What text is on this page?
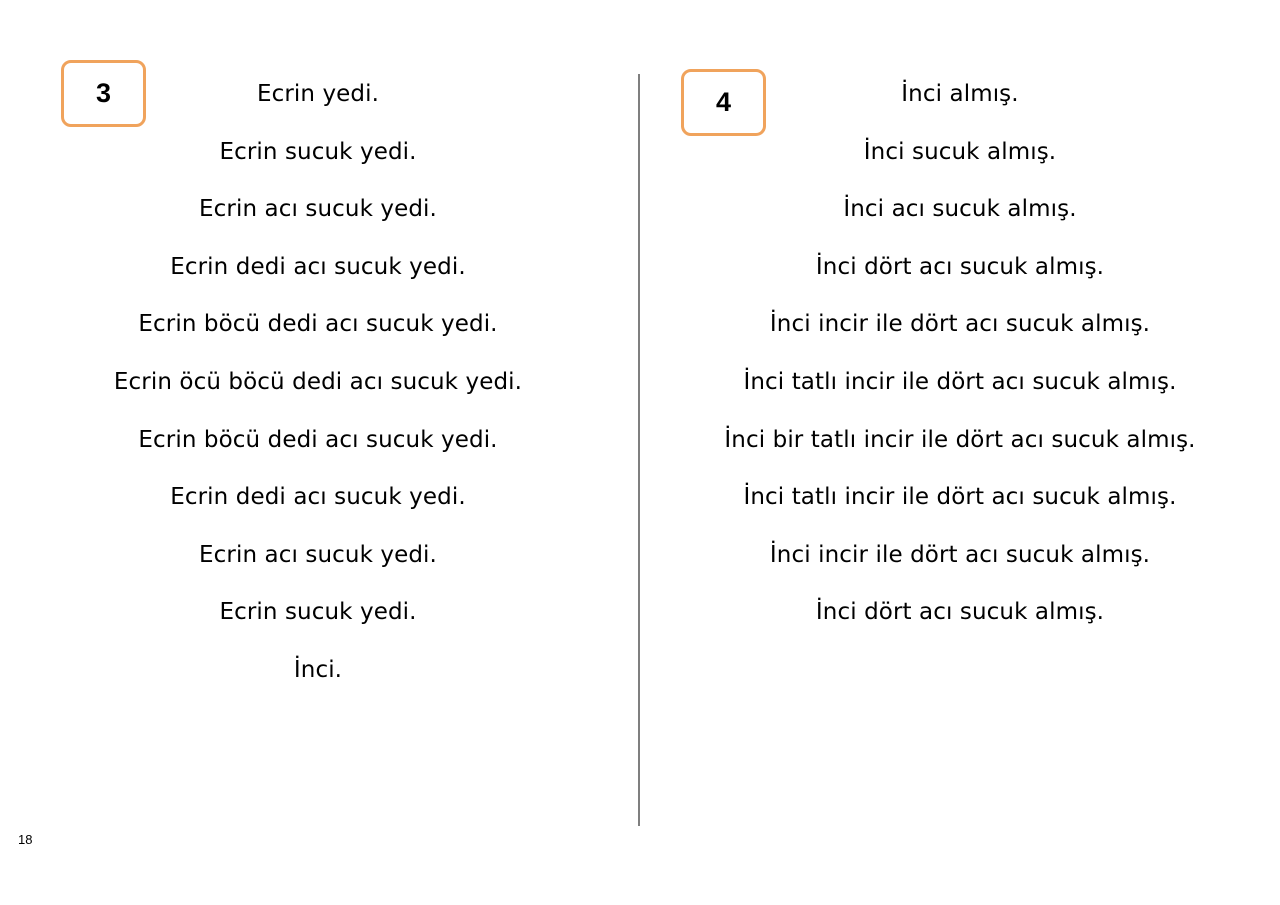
3	Ecrin yedi.
Ecrin sucuk yedi.
Ecrin acı sucuk yedi.
Ecrin dedi acı sucuk yedi.
Ecrin böcü dedi acı sucuk yedi.
Ecrin öcü böcü dedi acı sucuk yedi.
Ecrin böcü dedi acı sucuk yedi.
Ecrin dedi acı sucuk yedi.
Ecrin acı sucuk yedi.
Ecrin sucuk yedi.
İnci.
4	İnci almış.
İnci sucuk almış.
İnci acı sucuk almış.
İnci dört acı sucuk almış.
İnci incir ile dört acı sucuk almış.
İnci tatlı incir ile dört acı sucuk almış.
İnci bir tatlı incir ile dört acı sucuk almış.
İnci tatlı incir ile dört acı sucuk almış.
İnci incir ile dört acı sucuk almış.
İnci dört acı sucuk almış.
18
